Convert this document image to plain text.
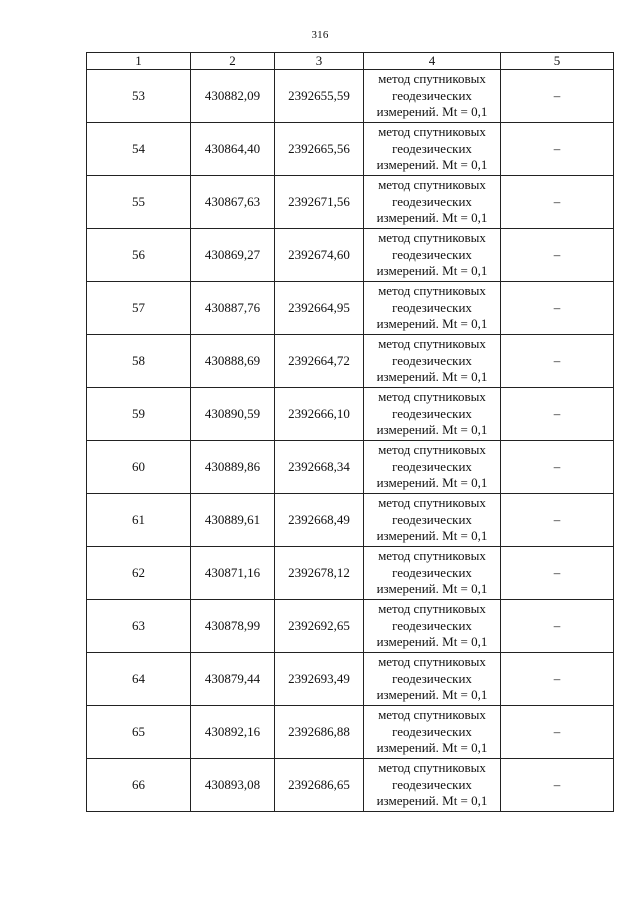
316
1	2	3	4	5
53	430882,09	2392655,59	метод спутниковых
геодезических
измерений. Mt = 0,1	–
54	430864,40	2392665,56	метод спутниковых
геодезических
измерений. Mt = 0,1	–
55	430867,63	2392671,56	метод спутниковых
геодезических
измерений. Mt = 0,1	–
56	430869,27	2392674,60	метод спутниковых
геодезических
измерений. Mt = 0,1	–
57	430887,76	2392664,95	метод спутниковых
геодезических
измерений. Mt = 0,1	–
58	430888,69	2392664,72	метод спутниковых
геодезических
измерений. Mt = 0,1	–
59	430890,59	2392666,10	метод спутниковых
геодезических
измерений. Mt = 0,1	–
60	430889,86	2392668,34	метод спутниковых
геодезических
измерений. Mt = 0,1	–
61	430889,61	2392668,49	метод спутниковых
геодезических
измерений. Mt = 0,1	–
62	430871,16	2392678,12	метод спутниковых
геодезических
измерений. Mt = 0,1	–
63	430878,99	2392692,65	метод спутниковых
геодезических
измерений. Mt = 0,1	–
64	430879,44	2392693,49	метод спутниковых
геодезических
измерений. Mt = 0,1	–
65	430892,16	2392686,88	метод спутниковых
геодезических
измерений. Mt = 0,1	–
66	430893,08	2392686,65	метод спутниковых
геодезических
измерений. Mt = 0,1	–
